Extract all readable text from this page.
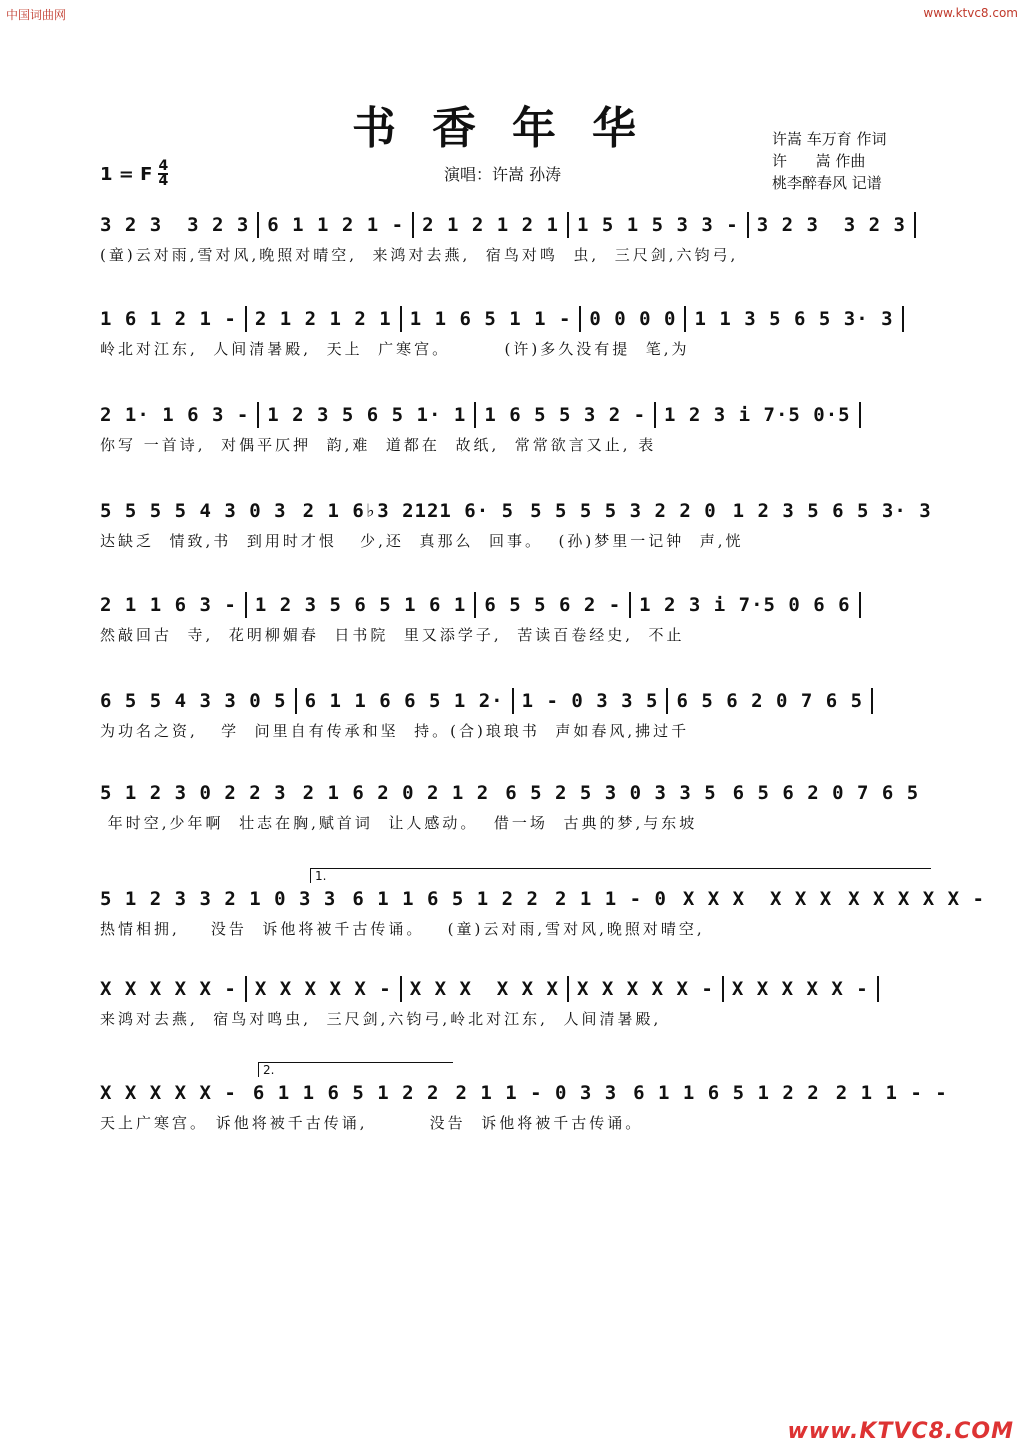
中国词曲网	www.ktvc8.com
书香年华
1 = F $\frac{4}{4}$	演唱：许嵩 孙涛
许嵩 车万育 作词
许      嵩 作曲
桃李醉春风 记谱
3 2 3  3 2 3 6 1 1 2 1 - 2 1 2 1 2 1 1 5 1 5 3 3 - 3 2 3  3 2 3
(童)云对雨,雪对风,晚照对晴空,  来鸿对去燕,  宿鸟对鸣  虫,  三尺剑,六钧弓,
1 6 1 2 1 - 2 1 2 1 2 1 1 1 6 5 1 1 - 0 0 0 0 1 1 3 5 6 5 3· 3
岭北对江东,  人间清暑殿,  天上  广寒宫。       (许)多久没有提  笔,为
2 1· 1 6 3 - 1 2 3 5 6 5 1· 1 1 6 5 5 3 2 - 1 2 3 i 7·5 0·5
你写 一首诗,  对偶平仄押  韵,难  道都在  故纸,  常常欲言又止, 表
5 5 5 5 4 3 0 3 2 1 6♭3 2121 6· 5 5 5 5 5 3 2 2 0 1 2 3 5 6 5 3· 3
达缺乏  情致,书  到用时才恨   少,还  真那么  回事。  (孙)梦里一记钟  声,恍
2 1 1 6 3 - 1 2 3 5 6 5 1 6 1 6 5 5 6 2 - 1 2 3 i 7·5 0 6 6
然敲回古  寺,  花明柳媚春  日书院  里又添学子,  苦读百卷经史,  不止
6 5 5 4 3 3 0 5 6 1 1 6 6 5 1 2· 1 - 0 3 3 5 6 5 6 2 0 7 6 5
为功名之资,   学  问里自有传承和坚  持。(合)琅琅书  声如春风,拂过千
5 1 2 3 0 2 2 3 2 1 6 2 0 2 1 2 6 5 2 5 3 0 3 3 5 6 5 6 2 0 7 6 5
年时空,少年啊  壮志在胸,赋首词  让人感动。  借一场  古典的梦,与东坡
5 1 2 3 3 2 1 0 3 3 6 1 1 6 5 1 2 2 2 1 1 - 0 X X X  X X X X X X X X -
热情相拥,    没告  诉他将被千古传诵。   (童)云对雨,雪对风,晚照对晴空,
X X X X X - X X X X X - X X X  X X X X X X X X - X X X X X -
来鸿对去燕,  宿鸟对鸣虫,  三尺剑,六钧弓,岭北对江东,  人间清暑殿,
X X X X X - 6 1 1 6 5 1 2 2 2 1 1 - 0 3 3 6 1 1 6 5 1 2 2 2 1 1 - -
天上广寒宫。 诉他将被千古传诵,        没告  诉他将被千古传诵。
1.
2.
www.KTVC8.COM
